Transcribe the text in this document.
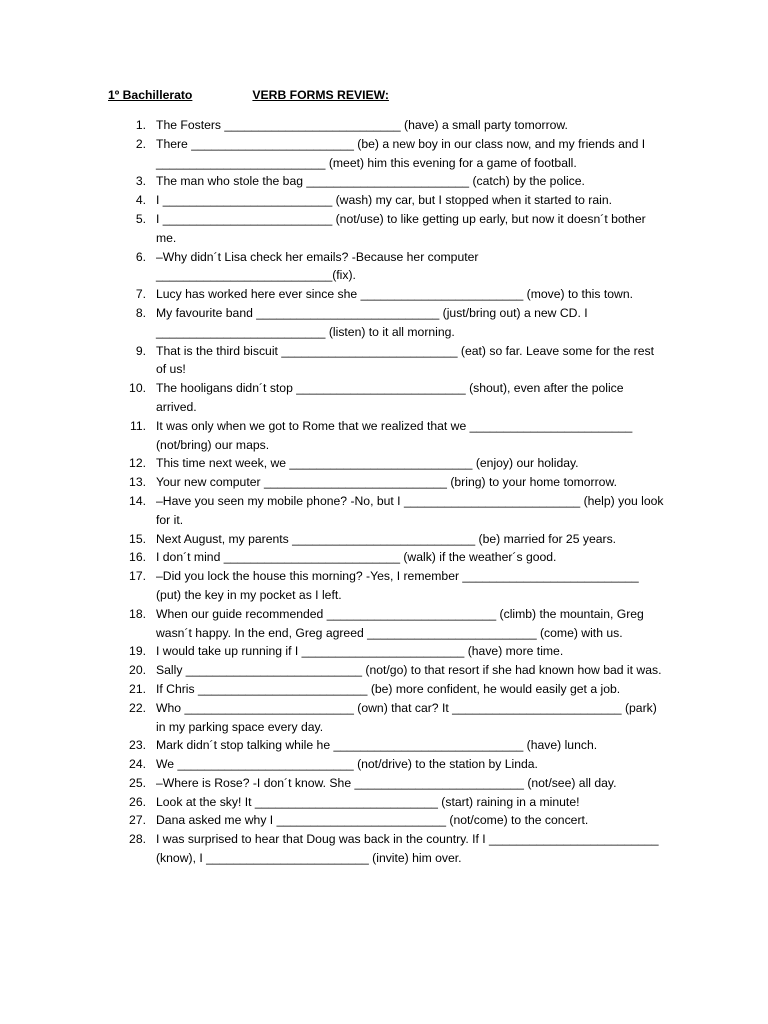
1º Bachillerato	VERB FORMS REVIEW:
1. The Fosters __________________________ (have) a small party tomorrow.
2. There ________________________ (be) a new boy in our class now, and my friends and I _________________________ (meet) him this evening for a game of football.
3. The man who stole the bag ________________________ (catch) by the police.
4. I _________________________ (wash) my car, but I stopped when it started to rain.
5. I _________________________ (not/use) to like getting up early, but now it doesn´t bother me.
6. –Why didn´t Lisa check her emails? -Because her computer __________________________(fix).
7. Lucy has worked here ever since she ________________________ (move) to this town.
8. My favourite band ___________________________ (just/bring out) a new CD. I _________________________ (listen) to it all morning.
9. That is the third biscuit __________________________ (eat) so far. Leave some for the rest of us!
10. The hooligans didn´t stop _________________________ (shout), even after the police arrived.
11. It was only when we got to Rome that we realized that we ________________________ (not/bring) our maps.
12. This time next week, we ___________________________ (enjoy) our holiday.
13. Your new computer ___________________________ (bring) to your home tomorrow.
14. –Have you seen my mobile phone? -No, but I __________________________ (help) you look for it.
15. Next August, my parents ___________________________ (be) married for 25 years.
16. I don´t mind __________________________ (walk) if the weather´s good.
17. –Did you lock the house this morning? -Yes, I remember __________________________ (put) the key in my pocket as I left.
18. When our guide recommended _________________________ (climb) the mountain, Greg wasn´t happy. In the end, Greg agreed _________________________ (come) with us.
19. I would take up running if I ________________________ (have) more time.
20. Sally __________________________ (not/go) to that resort if she had known how bad it was.
21. If Chris _________________________ (be) more confident, he would easily get a job.
22. Who _________________________ (own) that car? It _________________________ (park) in my parking space every day.
23. Mark didn´t stop talking while he ____________________________ (have) lunch.
24. We __________________________ (not/drive) to the station by Linda.
25. –Where is Rose? -I don´t know. She _________________________ (not/see) all day.
26. Look at the sky! It ___________________________ (start) raining in a minute!
27. Dana asked me why I _________________________ (not/come) to the concert.
28. I was surprised to hear that Doug was back in the country. If I _________________________ (know), I ________________________ (invite) him over.
